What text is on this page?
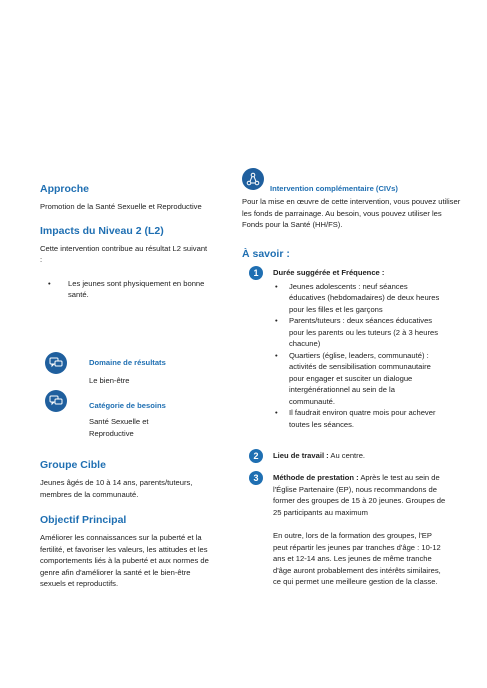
Approche

Promotion de la Santé Sexuelle et Reproductive

Impacts du Niveau 2 (L2)

Cette intervention contribue au résultat L2 suivant :

• Les jeunes sont physiquement en bonne santé.

Domaine de résultats

Le bien-être

Catégorie de besoins

Santé Sexuelle et Reproductive

Groupe Cible

Jeunes âgés de 10 à 14 ans, parents/tuteurs, membres de la communauté.

Objectif Principal

Améliorer les connaissances sur la puberté et la fertilité, et favoriser les valeurs, les attitudes et les comportements liés à la puberté et aux normes de genre afin d'améliorer la santé et le bien-être sexuels et reproductifs.

Intervention complémentaire (CIVs)

Pour la mise en œuvre de cette intervention, vous pouvez utiliser les fonds de parrainage. Au besoin, vous pouvez utiliser les Fonds pour la Santé (HH/FS).

À savoir :
1	Durée suggérée et Fréquence :

• Jeunes adolescents : neuf séances éducatives (hebdomadaires) de deux heures pour les filles et les garçons
• Parents/tuteurs : deux séances éducatives pour les parents ou les tuteurs (2 à 3 heures chacune)
• Quartiers (église, leaders, communauté) : activités de sensibilisation communautaire pour engager et susciter un dialogue intergénérationnel au sein de la communauté.
• Il faudrait environ quatre mois pour achever toutes les séances.
2	Lieu de travail : Au centre.

3	Méthode de prestation : Après le test au sein de l'Église Partenaire (EP), nous recommandons de former des groupes de 15 à 20 jeunes. Groupes de 25 participants au maximum

En outre, lors de la formation des groupes, l'EP peut répartir les jeunes par tranches d'âge : 10-12 ans et 12-14 ans. Les jeunes de même tranche d'âge auront probablement des intérêts similaires, ce qui permet une meilleure gestion de la classe.
